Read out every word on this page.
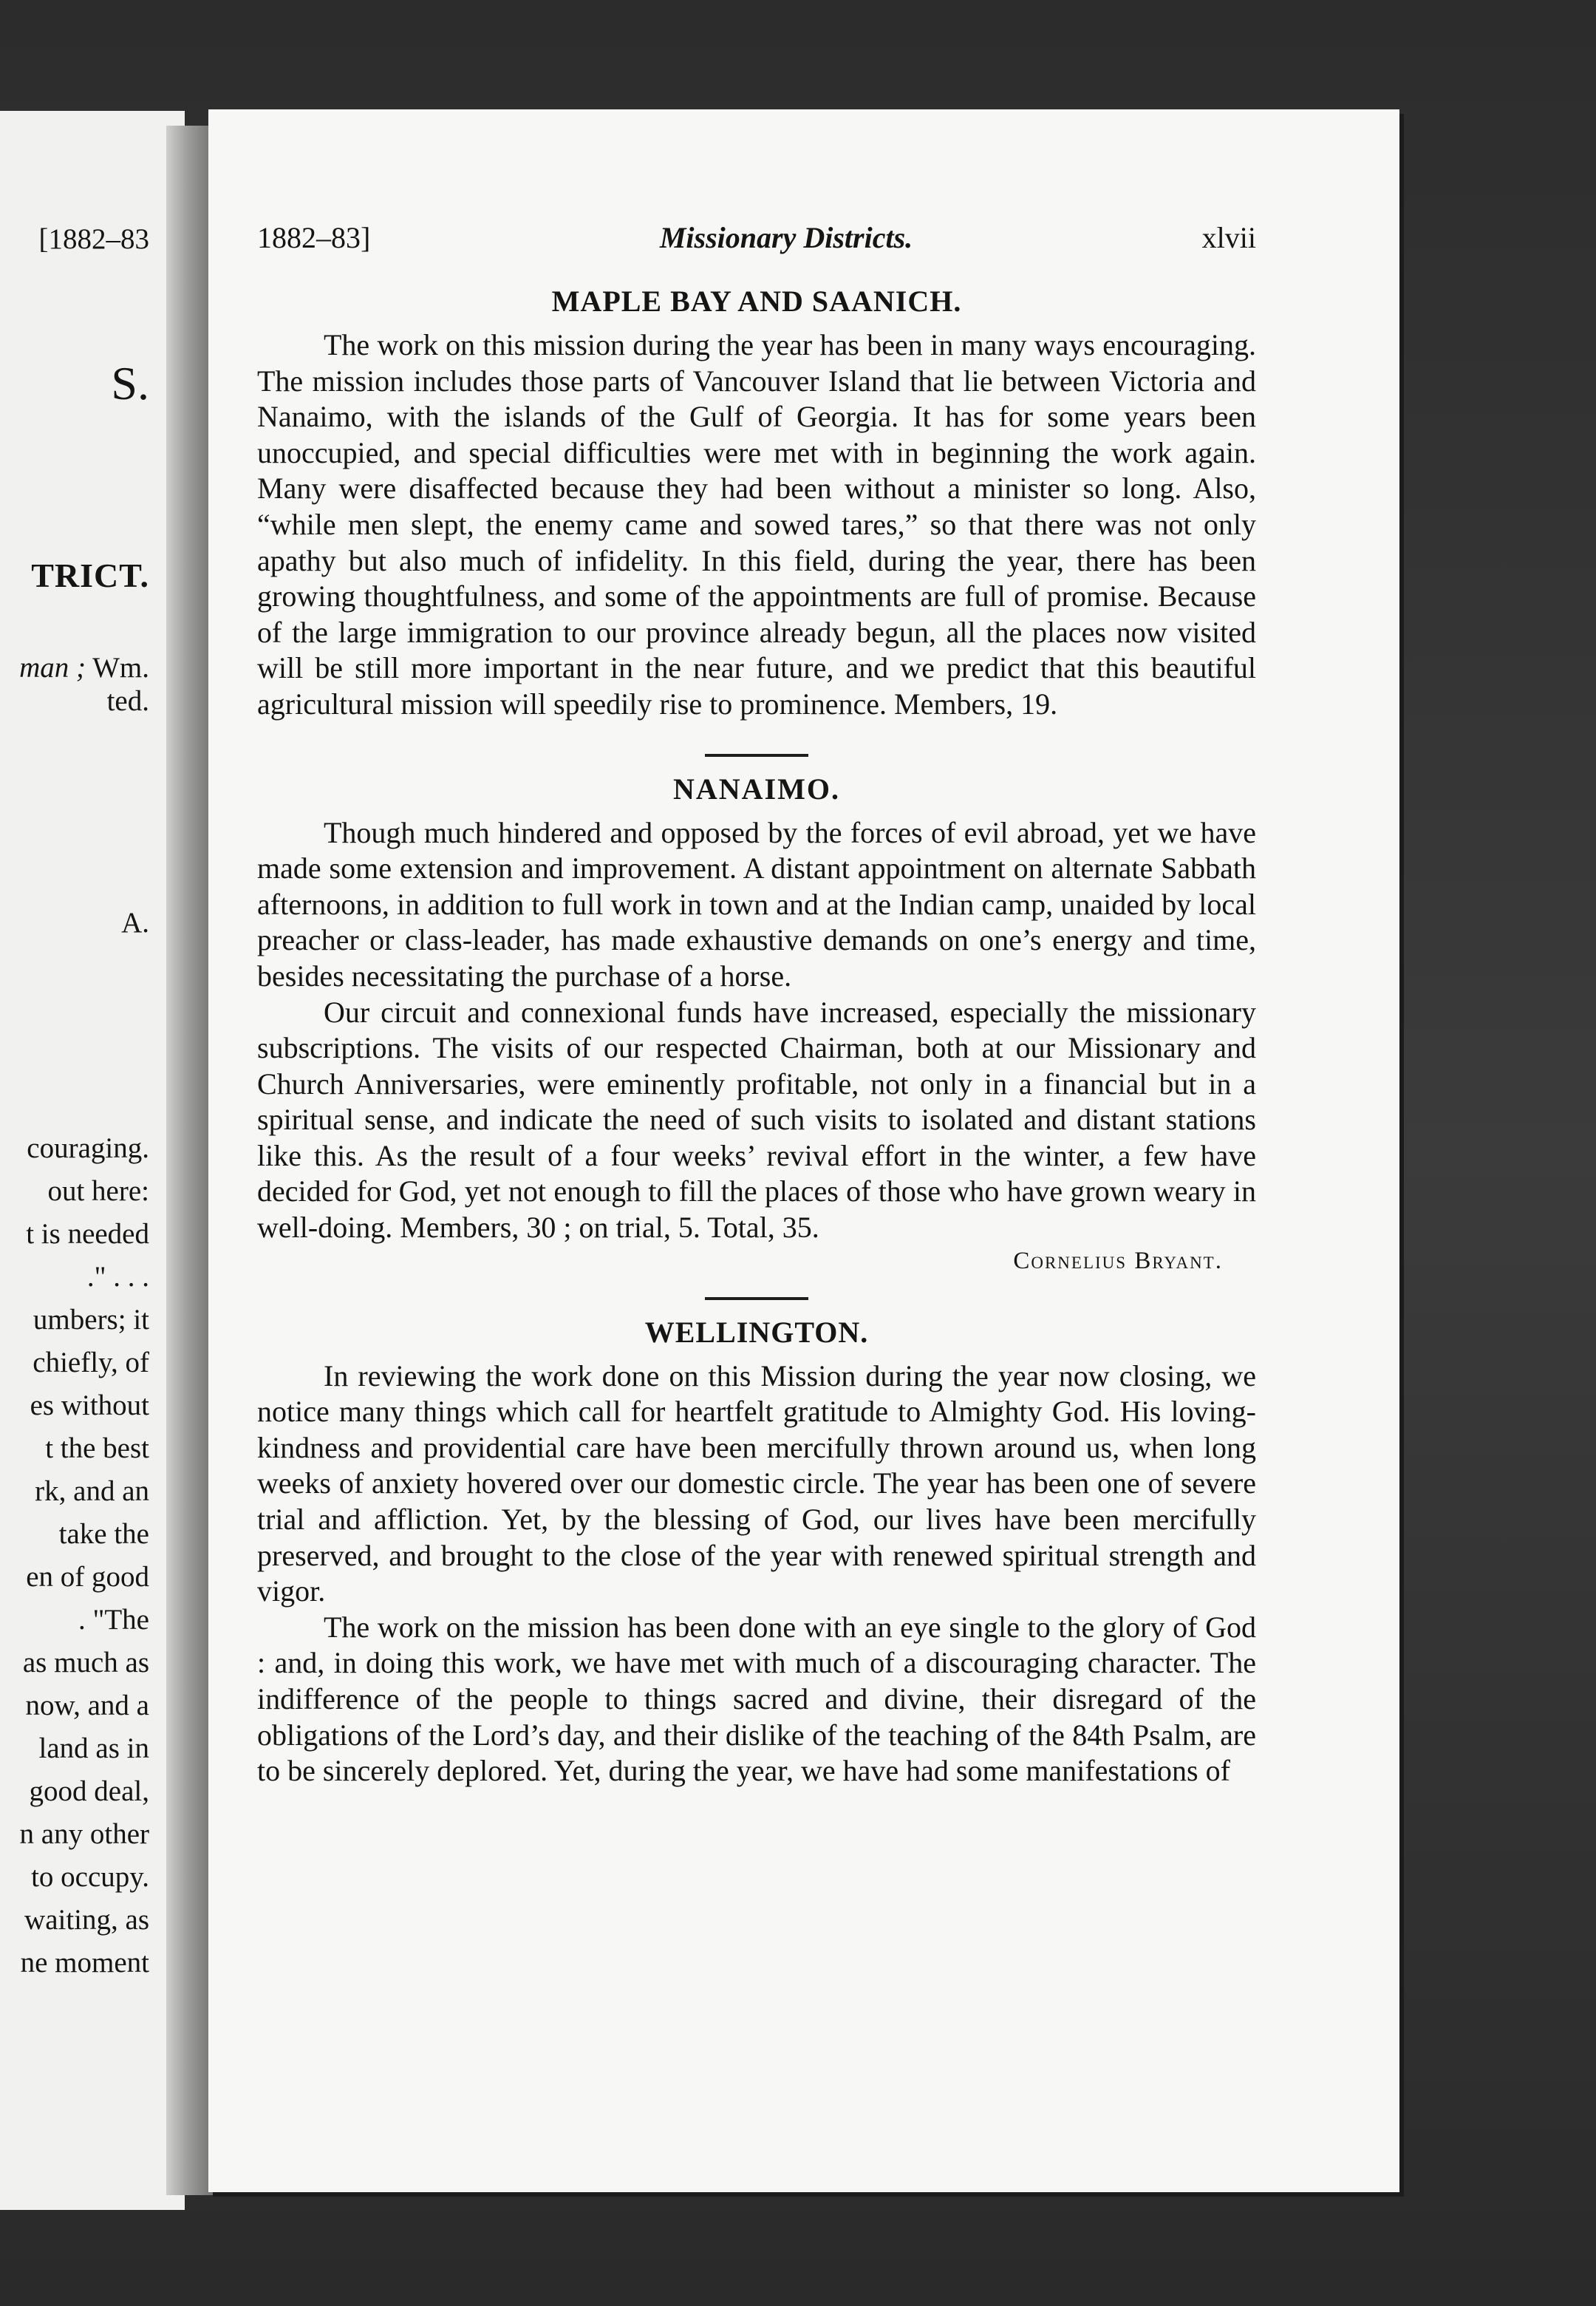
[1882–83
S.
TRICT.
man ; Wm.
ted.
A.
couraging.
out here:
t is needed
." . . .
umbers; it
chiefly, of
es without
t the best
rk, and an
take the
en of good
. "The
as much as
now, and a
land as in
good deal,
n any other
to occupy.
waiting, as
ne moment
1882–83]	Missionary Districts.	xlvii
MAPLE BAY AND SAANICH.

The work on this mission during the year has been in many ways encouraging. The mission includes those parts of Vancouver Island that lie between Victoria and Nanaimo, with the islands of the Gulf of Georgia. It has for some years been unoccupied, and special difficulties were met with in beginning the work again. Many were disaffected because they had been without a minister so long. Also, “while men slept, the enemy came and sowed tares,” so that there was not only apathy but also much of infidelity. In this field, during the year, there has been growing thoughtfulness, and some of the appointments are full of promise. Because of the large immigration to our province already begun, all the places now visited will be still more important in the near future, and we predict that this beautiful agricultural mission will speedily rise to prominence. Members, 19.

NANAIMO.

Though much hindered and opposed by the forces of evil abroad, yet we have made some extension and improvement. A distant appointment on alternate Sabbath afternoons, in addition to full work in town and at the Indian camp, unaided by local preacher or class-leader, has made exhaustive demands on one’s energy and time, besides necessitating the purchase of a horse.

Our circuit and connexional funds have increased, especially the missionary subscriptions. The visits of our respected Chairman, both at our Missionary and Church Anniversaries, were eminently profitable, not only in a financial but in a spiritual sense, and indicate the need of such visits to isolated and distant stations like this. As the result of a four weeks’ revival effort in the winter, a few have decided for God, yet not enough to fill the places of those who have grown weary in well-doing. Members, 30 ; on trial, 5. Total, 35.

Cornelius Bryant.
WELLINGTON.

In reviewing the work done on this Mission during the year now closing, we notice many things which call for heartfelt gratitude to Almighty God. His loving-kindness and providential care have been mercifully thrown around us, when long weeks of anxiety hovered over our domestic circle. The year has been one of severe trial and affliction. Yet, by the blessing of God, our lives have been mercifully preserved, and brought to the close of the year with renewed spiritual strength and vigor.

The work on the mission has been done with an eye single to the glory of God : and, in doing this work, we have met with much of a discouraging character. The indifference of the people to things sacred and divine, their disregard of the obligations of the Lord’s day, and their dislike of the teaching of the 84th Psalm, are to be sincerely deplored. Yet, during the year, we have had some manifestations of
